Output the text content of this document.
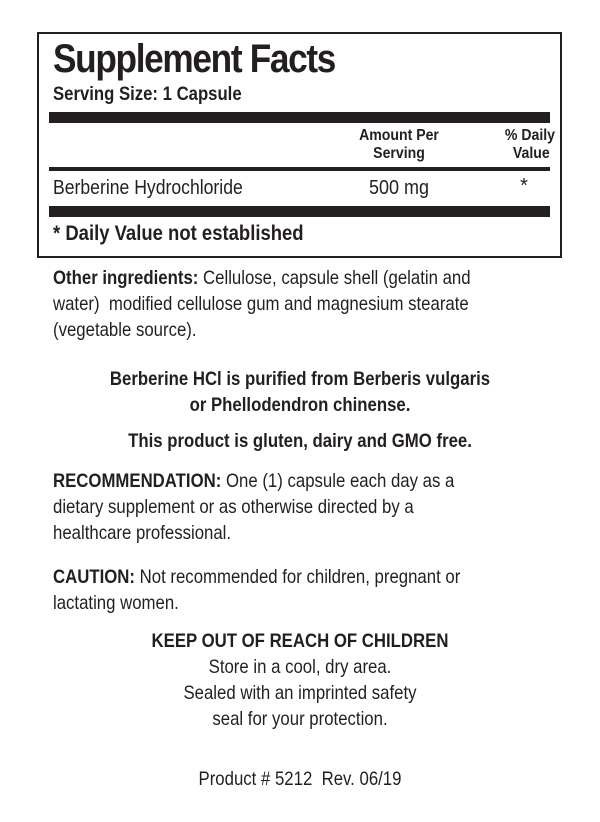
Supplement Facts
Serving Size: 1 Capsule
Amount Per
Serving
% Daily
Value
Berberine Hydrochloride	500 mg	*
* Daily Value not established
Other ingredients: Cellulose, capsule shell (gelatin and
water)  modified cellulose gum and magnesium stearate
(vegetable source).
Berberine HCl is purified from Berberis vulgaris
or Phellodendron chinense.
This product is gluten, dairy and GMO free.
RECOMMENDATION: One (1) capsule each day as a
dietary supplement or as otherwise directed by a
healthcare professional.
CAUTION: Not recommended for children, pregnant or
lactating women.
KEEP OUT OF REACH OF CHILDREN
Store in a cool, dry area.
Sealed with an imprinted safety
seal for your protection.
Product # 5212  Rev. 06/19
